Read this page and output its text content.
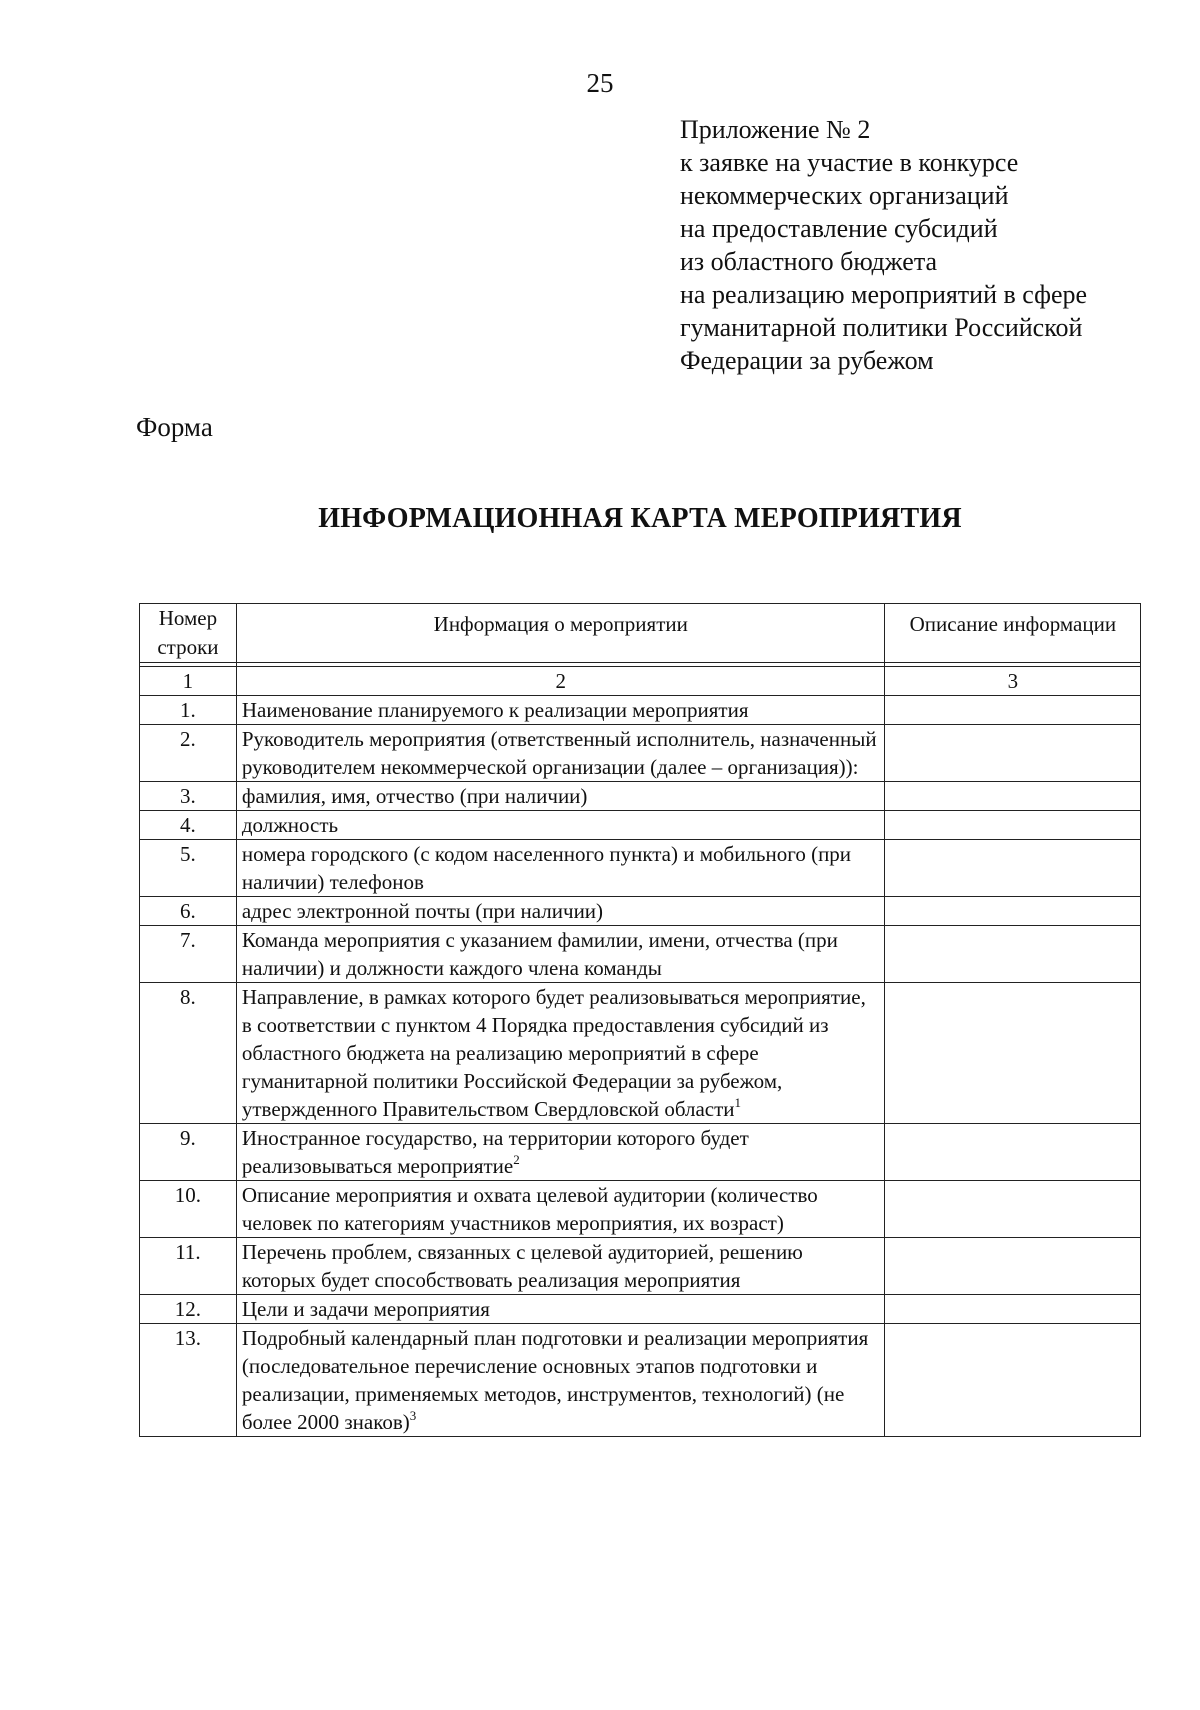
25
Приложение № 2
к заявке на участие в конкурсе
некоммерческих организаций
на предоставление субсидий
из областного бюджета
на реализацию мероприятий в сфере
гуманитарной политики Российской
Федерации за рубежом
Форма
ИНФОРМАЦИОННАЯ КАРТА МЕРОПРИЯТИЯ
Номер строки	Информация о мероприятии	Описание информации

1	2	3
1.	Наименование планируемого к реализации мероприятия	
2.	Руководитель мероприятия (ответственный исполнитель, назначенный руководителем некоммерческой организации (далее – организация)):	
3.	фамилия, имя, отчество (при наличии)	
4.	должность	
5.	номера городского (с кодом населенного пункта) и мобильного (при наличии) телефонов	
6.	адрес электронной почты (при наличии)	
7.	Команда мероприятия с указанием фамилии, имени, отчества (при наличии) и должности каждого члена команды	
8.	Направление, в рамках которого будет реализовываться мероприятие, в соответствии с пунктом 4 Порядка предоставления субсидий из областного бюджета на реализацию мероприятий в сфере гуманитарной политики Российской Федерации за рубежом, утвержденного Правительством Свердловской области$^1$	
9.	Иностранное государство, на территории которого будет реализовываться мероприятие$^2$	
10.	Описание мероприятия и охвата целевой аудитории (количество человек по категориям участников мероприятия, их возраст)	
11.	Перечень проблем, связанных с целевой аудиторией, решению которых будет способствовать реализация мероприятия	
12.	Цели и задачи мероприятия	
13.	Подробный календарный план подготовки и реализации мероприятия (последовательное перечисление основных этапов подготовки и реализации, применяемых методов, инструментов, технологий) (не более 2000 знаков)$^3$	
